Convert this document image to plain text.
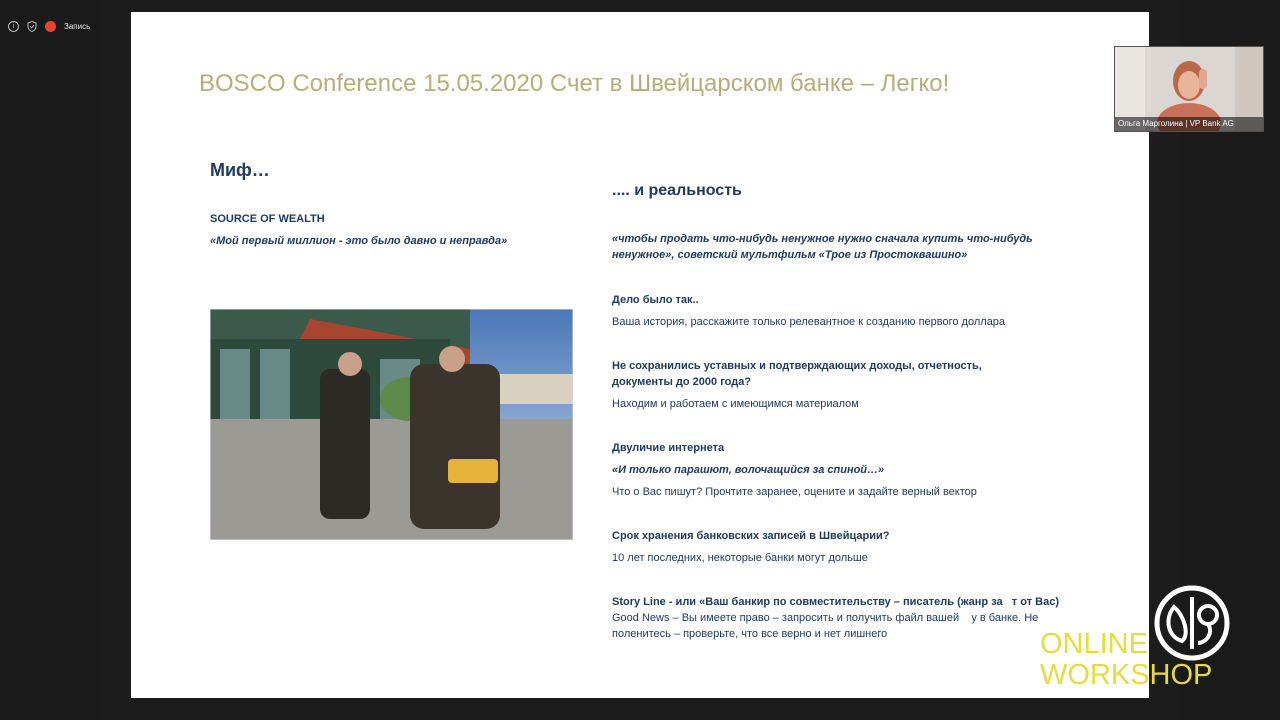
i	Запись
BOSCO Conference 15.05.2020 Счет в Швейцарском банке – Легко!
Миф…
SOURCE OF WEALTH
«Мой первый миллион - это было давно и неправда»
.... и реальность
«чтобы продать что-нибудь ненужное нужно сначала купить что-нибудь ненужное», советский мультфильм «Трое из Простоквашино»
Дело было так..
Ваша история, расскажите только релевантное к созданию первого доллара
Не сохранились уставных и подтверждающих доходы, отчетность, документы до 2000 года?
Находим и работаем с имеющимся материалом
Двуличие интернета
«И только парашют, волочащийся за спиной…»
Что о Вас пишут? Прочтите заранее, оцените и задайте верный вектор
Срок хранения банковских записей в Швейцарии?
10 лет последних, некоторые банки могут дольше
Story Line - или «Ваш банкир по совместительству – писатель (жанр за   т от Вас) Good News – Вы имеете право – запросить и получить файл вашей    у в банке. Не поленитесь – проверьте, что все верно и нет лишнего
Ольга Марголина | VP Bank AG
ONLINE
WORKSHOP
